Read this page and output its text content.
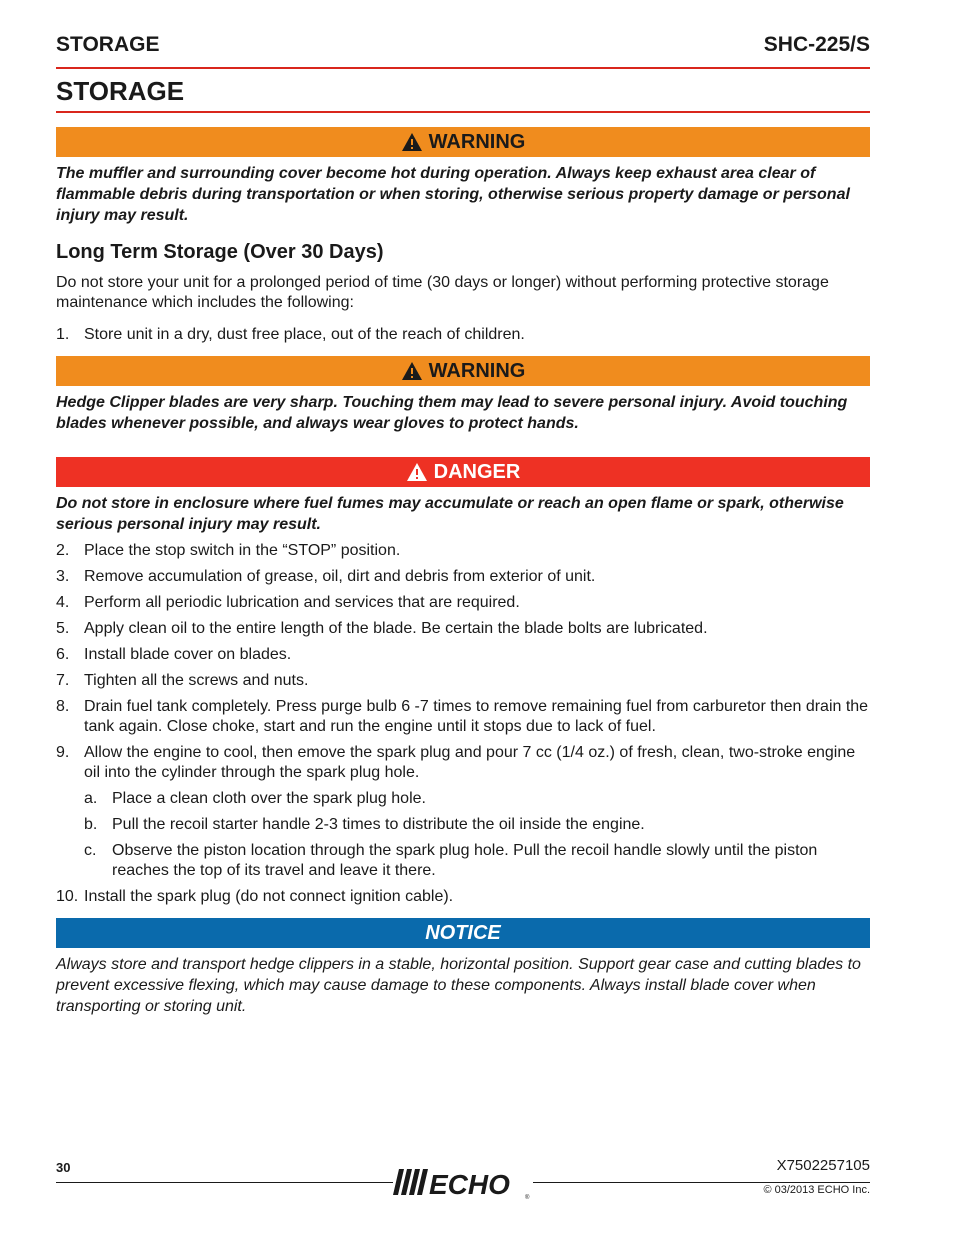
STORAGE	SHC-225/S
STORAGE
WARNING

The muffler and surrounding cover become hot during operation. Always keep exhaust area clear of flammable debris during transportation or when storing, otherwise serious property damage or personal injury may result.

Long Term Storage (Over 30 Days)

Do not store your unit for a prolonged period of time (30 days or longer) without performing protective storage maintenance which includes the following:

1. Store unit in a dry, dust free place, out of the reach of children.
WARNING

Hedge Clipper blades are very sharp. Touching them may lead to severe personal injury. Avoid touching blades whenever possible, and always wear gloves to protect hands.

DANGER

Do not store in enclosure where fuel fumes may accumulate or reach an open flame or spark, otherwise serious personal injury may result.

2. Place the stop switch in the “STOP” position.
3. Remove accumulation of grease, oil, dirt and debris from exterior of unit.
4. Perform all periodic lubrication and services that are required.
5. Apply clean oil to the entire length of the blade. Be certain the blade bolts are lubricated.
6. Install blade cover on blades.
7. Tighten all the screws and nuts.
8. Drain fuel tank completely. Press purge bulb 6 -7 times to remove remaining fuel from carburetor then drain the tank again. Close choke, start and run the engine until it stops due to lack of fuel.
9. Allow the engine to cool, then emove the spark plug and pour 7 cc (1/4 oz.) of fresh, clean, two-stroke engine oil into the cylinder through the spark plug hole.
a. Place a clean cloth over the spark plug hole.
b. Pull the recoil starter handle 2-3 times to distribute the oil inside the engine.
c. Observe the piston location through the spark plug hole. Pull the recoil handle slowly until the piston reaches the top of its travel and leave it there.
10. Install the spark plug (do not connect ignition cable).
NOTICE

Always store and transport hedge clippers in a stable, horizontal position. Support gear case and cutting blades to prevent excessive flexing, which may cause damage to these components. Always install blade cover when transporting or storing unit.

30
ECHO	®
X7502257105
© 03/2013 ECHO Inc.
